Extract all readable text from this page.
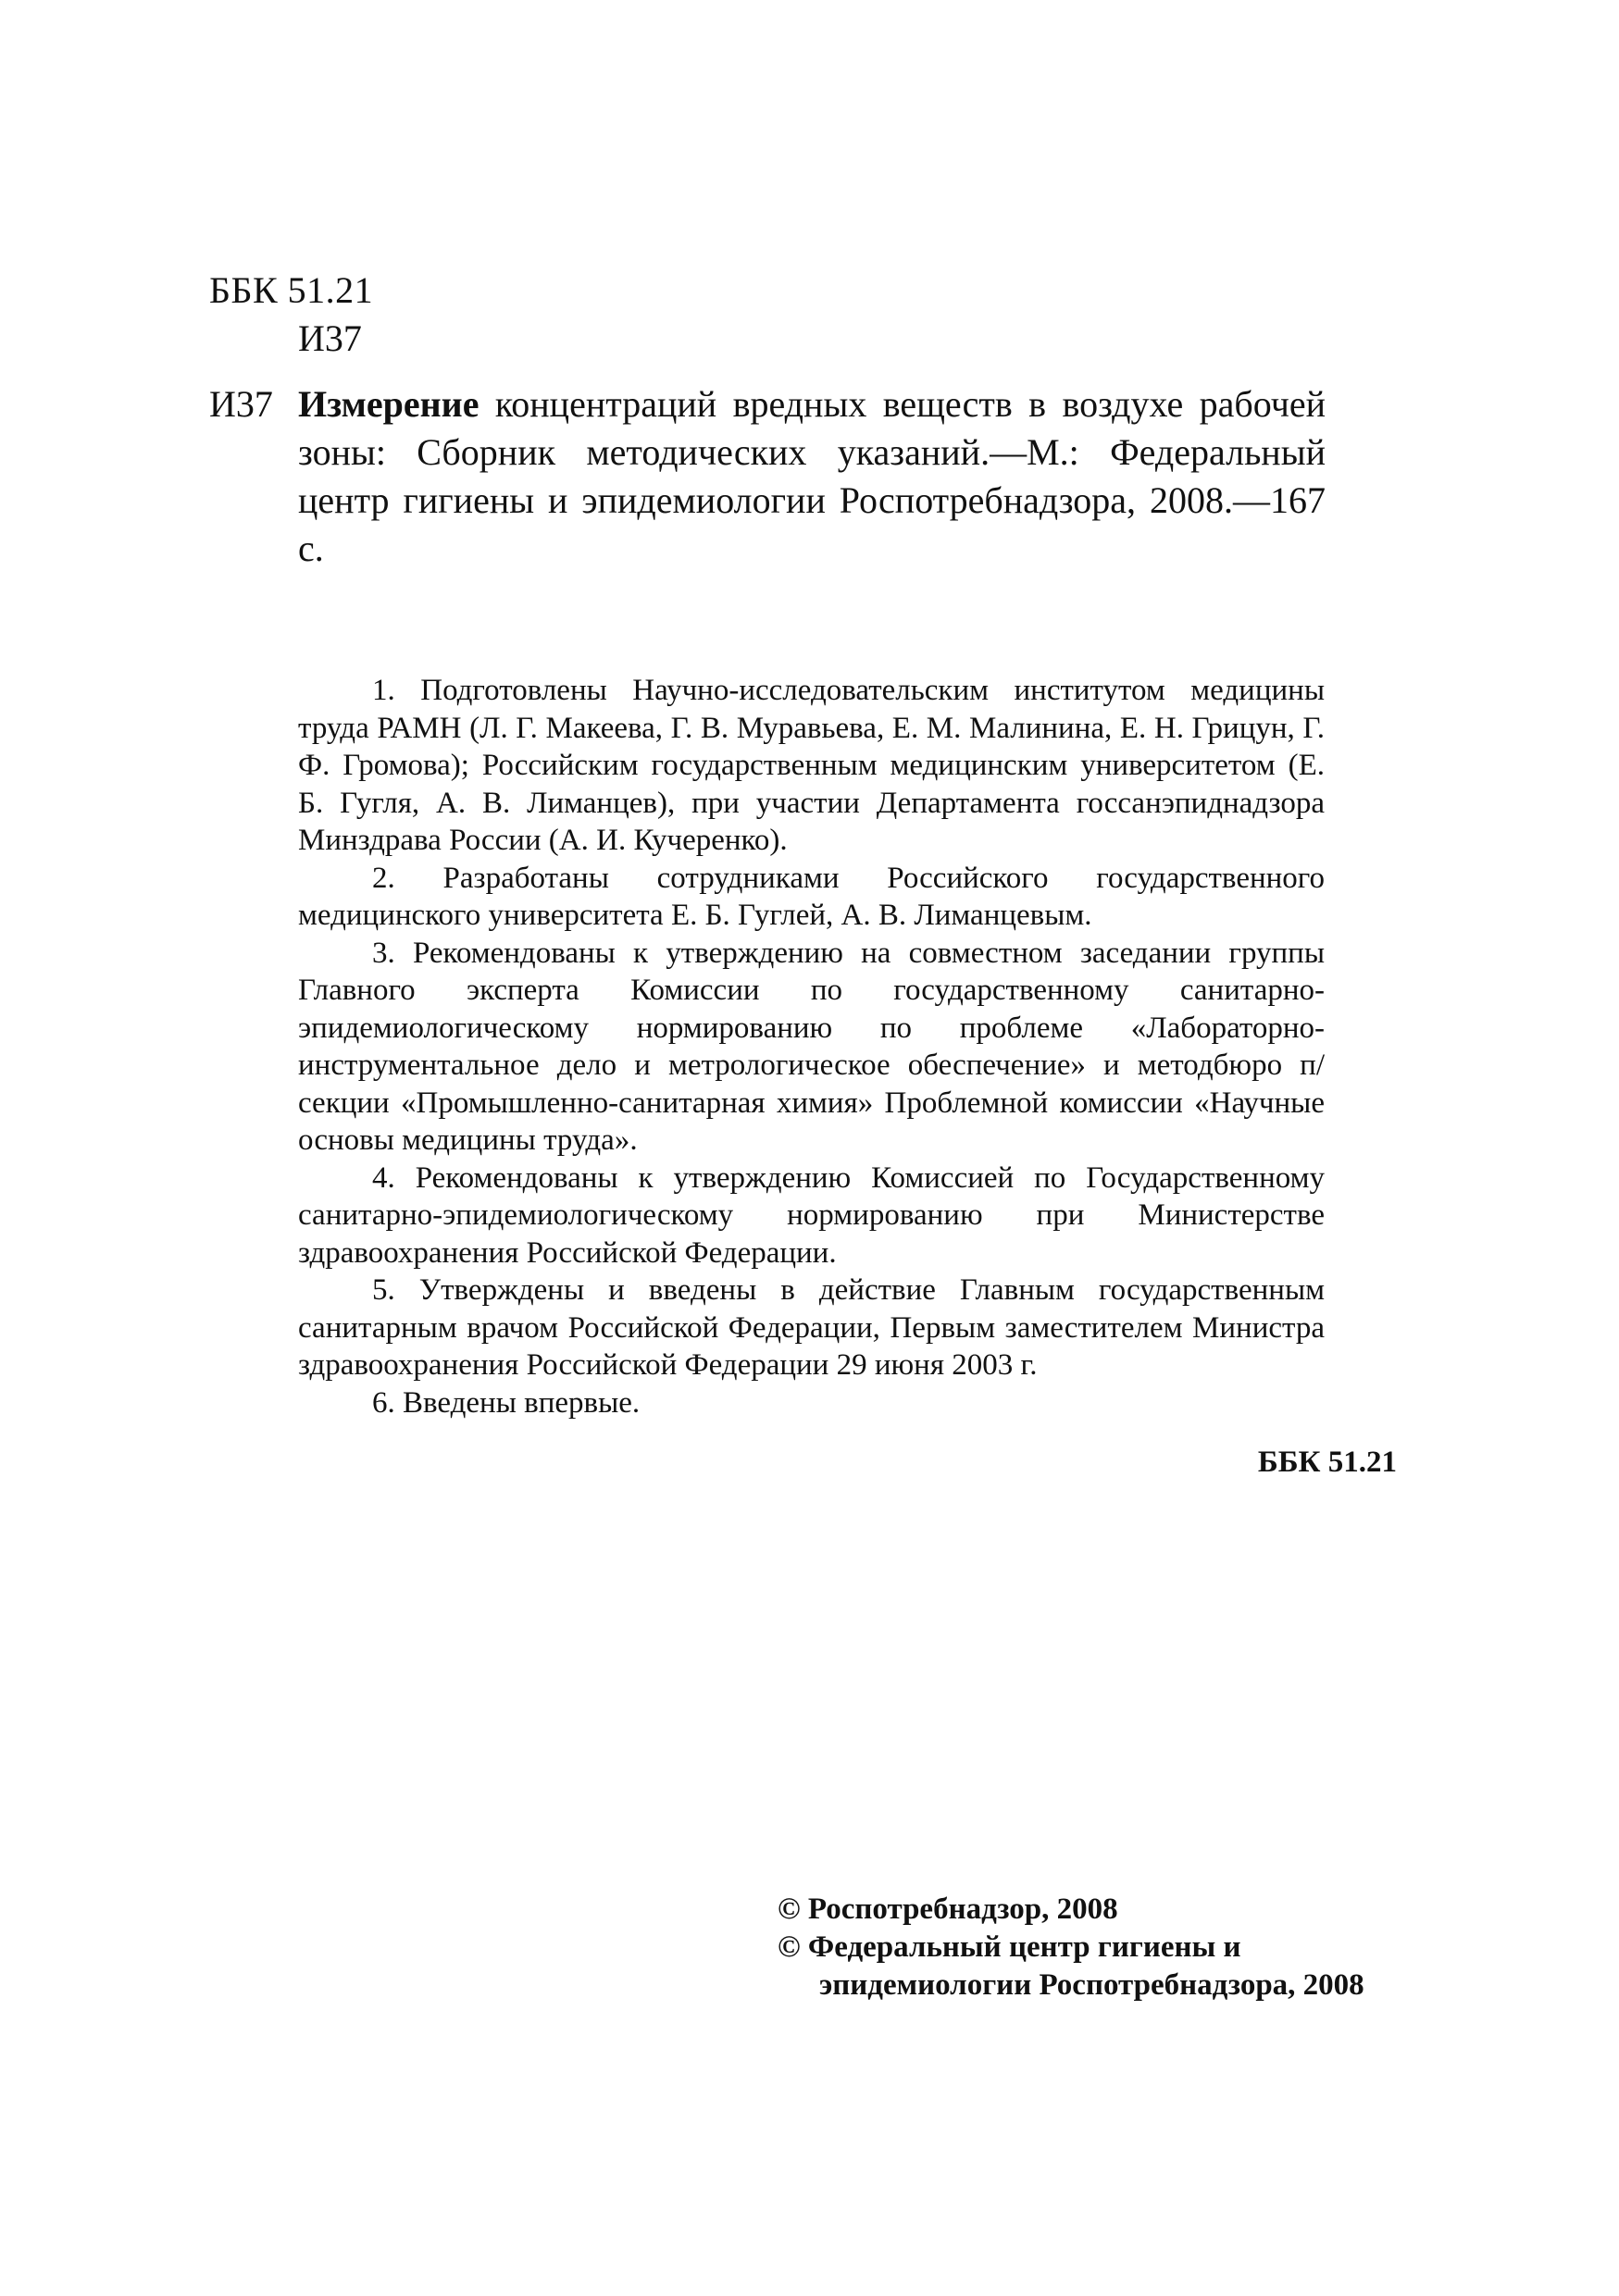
ББК 51.21

И37

И37 Измерение концентраций вредных веществ в воздухе рабочей зоны: Сборник методических указаний.—М.: Федеральный центр гигиены и эпидемиологии Роспотребнадзора, 2008.—167 с.

1. Подготовлены Научно-исследовательским институтом медицины труда РАМН (Л. Г. Макеева, Г. В. Муравьева, Е. М. Малинина, Е. Н. Грицун, Г. Ф. Громова); Российским государственным медицинским университетом (Е. Б. Гугля, А. В. Лиманцев), при участии Департамента госсанэпиднадзора Минздрава России (А. И. Кучеренко).

2. Разработаны сотрудниками Российского государственного медицинского университета Е. Б. Гуглей, А. В. Лиманцевым.

3. Рекомендованы к утверждению на совместном заседании группы Главного эксперта Комиссии по государственному санитарно-эпидемиологическому нормированию по проблеме «Лабораторно-инструментальное дело и метрологическое обеспечение» и методбюро п/секции «Промышленно-санитарная химия» Проблемной комиссии «Научные основы медицины труда».

4. Рекомендованы к утверждению Комиссией по Государственному санитарно-эпидемиологическому нормированию при Министерстве здравоохранения Российской Федерации.

5. Утверждены и введены в действие Главным государственным санитарным врачом Российской Федерации, Первым заместителем Министра здравоохранения Российской Федерации 29 июня 2003 г.

6. Введены впервые.

ББК 51.21

© Роспотребнадзор, 2008

© Федеральный центр гигиены и

эпидемиологии Роспотребнадзора, 2008
